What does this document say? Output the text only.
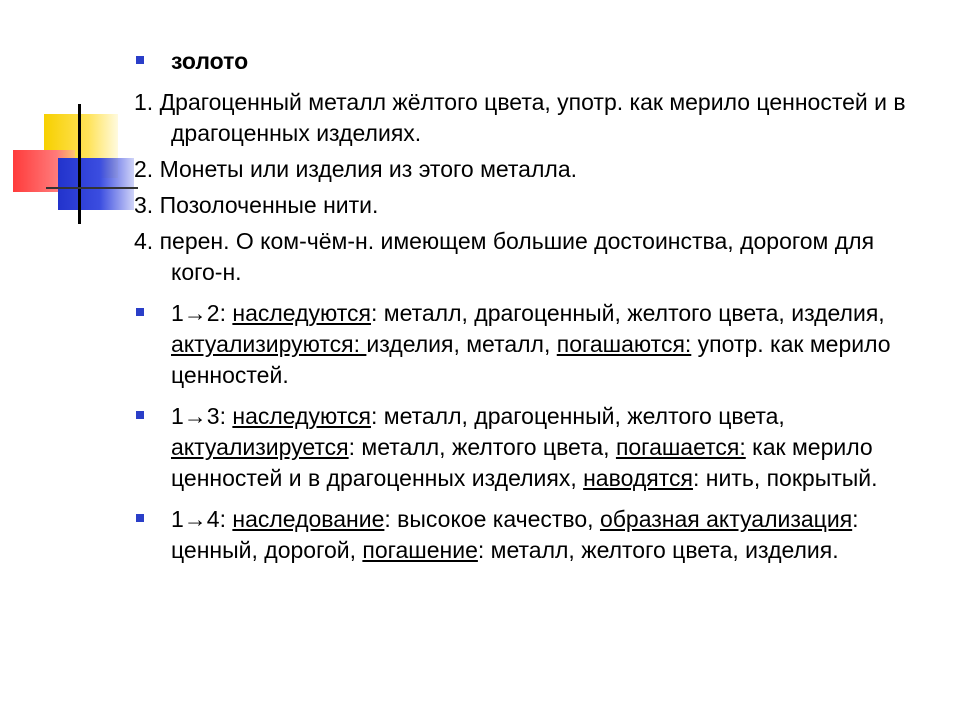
золото
1. Драгоценный металл жёлтого цвета, употр. как мерило ценностей и в драгоценных изделиях.
2. Монеты или изделия из этого металла.
3. Позолоченные нити.
4. перен. О ком-чём-н. имеющем большие достоинства, дорогом для кого-н.
1→2: наследуются: металл, драгоценный, желтого цвета, изделия, актуализируются: изделия, металл, погашаются: употр. как мерило ценностей.
1→3: наследуются: металл, драгоценный, желтого цвета, актуализируется: металл, желтого цвета, погашается: как мерило ценностей и в драгоценных изделиях, наводятся: нить, покрытый.
1→4: наследование: высокое качество, образная актуализация: ценный, дорогой, погашение: металл, желтого цвета, изделия.
